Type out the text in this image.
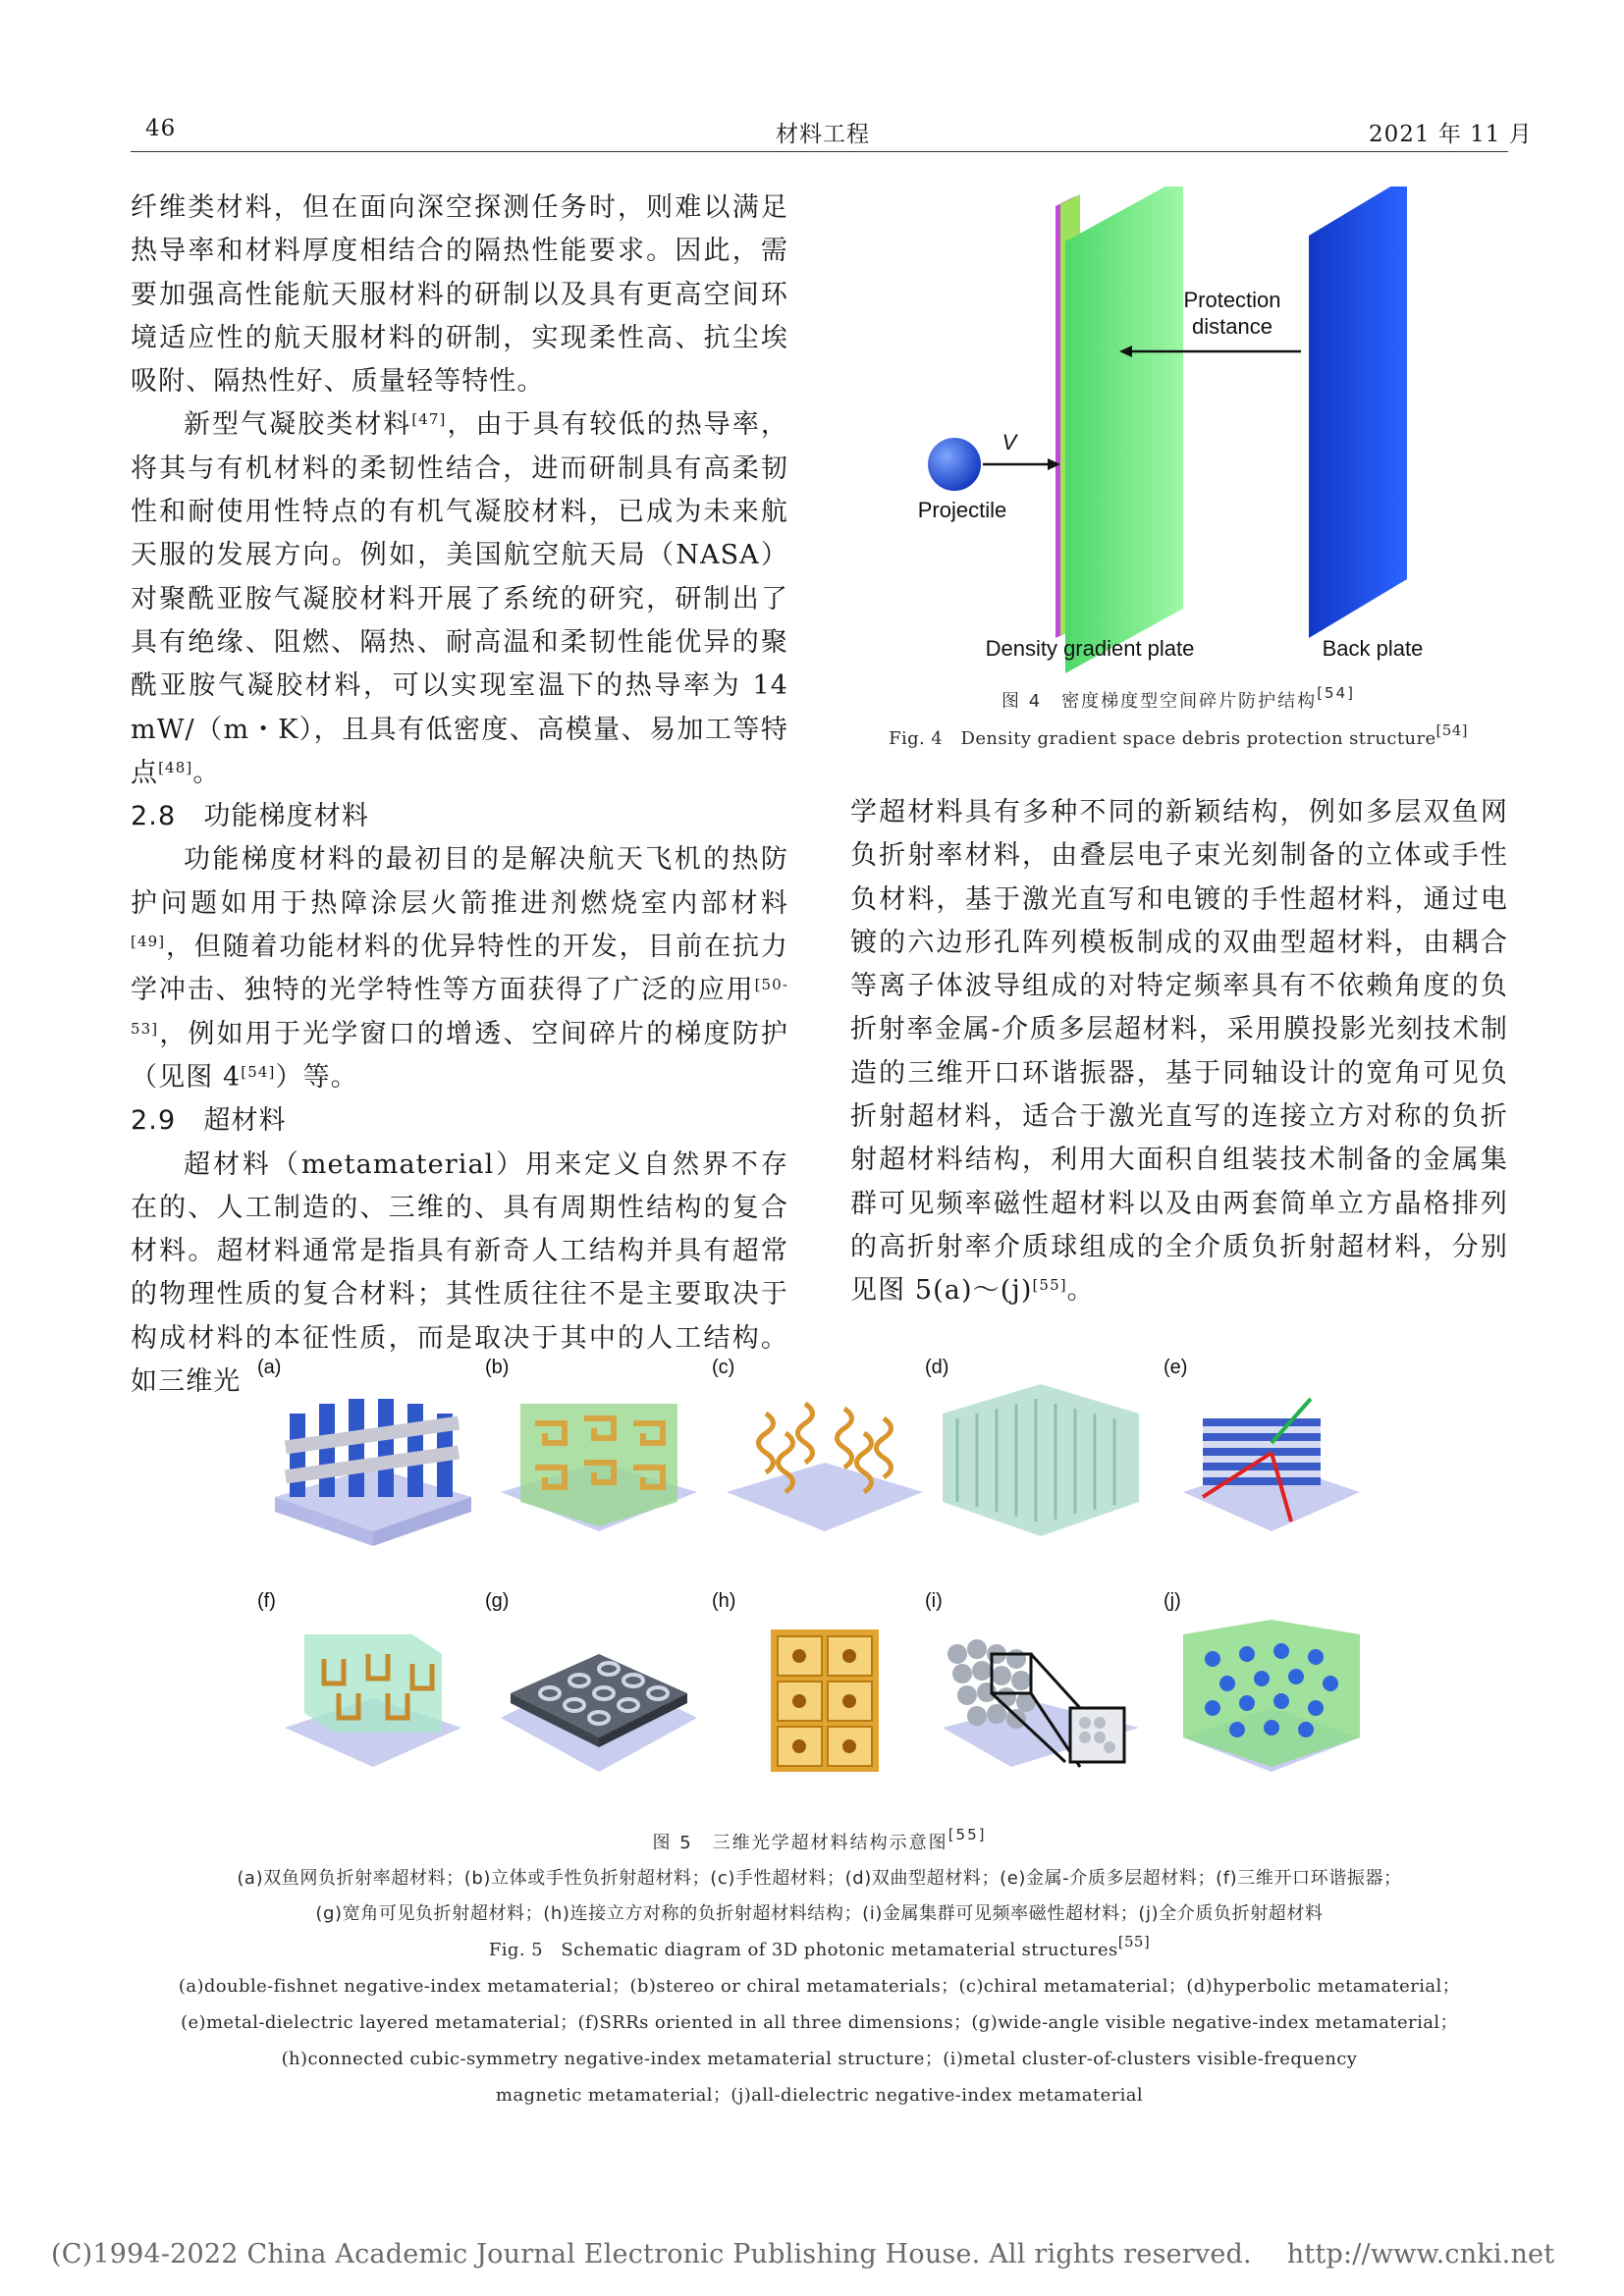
46	材料工程	2021 年 11 月

纤维类材料，但在面向深空探测任务时，则难以满足热导率和材料厚度相结合的隔热性能要求。因此，需要加强高性能航天服材料的研制以及具有更高空间环境适应性的航天服材料的研制，实现柔性高、抗尘埃吸附、隔热性好、质量轻等特性。

新型气凝胶类材料[47]，由于具有较低的热导率，将其与有机材料的柔韧性结合，进而研制具有高柔韧性和耐使用性特点的有机气凝胶材料，已成为未来航天服的发展方向。例如，美国航空航天局（NASA）对聚酰亚胺气凝胶材料开展了系统的研究，研制出了具有绝缘、阻燃、隔热、耐高温和柔韧性能优异的聚酰亚胺气凝胶材料，可以实现室温下的热导率为 14 mW/（m・K），且具有低密度、高模量、易加工等特点[48]。

2.8　 功能梯度材料

功能梯度材料的最初目的是解决航天飞机的热防护问题如用于热障涂层火箭推进剂燃烧室内部材料[49]，但随着功能材料的优异特性的开发，目前在抗力学冲击、独特的光学特性等方面获得了广泛的应用[50-53]，例如用于光学窗口的增透、空间碎片的梯度防护（见图 4[54]）等。

2.9　 超材料

超材料（metamaterial）用来定义自然界不存在的、人工制造的、三维的、具有周期性结构的复合材料。超材料通常是指具有新奇人工结构并具有超常的物理性质的复合材料；其性质往往不是主要取决于构成材料的本征性质，而是取决于其中的人工结构。如三维光

Protection
distance
V
Projectile
Density gradient plate	Back plate
图 4　密度梯度型空间碎片防护结构[54]
Fig. 4　Density gradient space debris protection structure[54]

学超材料具有多种不同的新颖结构，例如多层双鱼网负折射率材料，由叠层电子束光刻制备的立体或手性负材料，基于激光直写和电镀的手性超材料，通过电镀的六边形孔阵列模板制成的双曲型超材料，由耦合等离子体波导组成的对特定频率具有不依赖角度的负折射率金属-介质多层超材料，采用膜投影光刻技术制造的三维开口环谐振器，基于同轴设计的宽角可见负折射超材料，适合于激光直写的连接立方对称的负折射超材料结构，利用大面积自组装技术制备的金属集群可见频率磁性超材料以及由两套简单立方晶格排列的高折射率介质球组成的全介质负折射超材料，分别见图 5(a)～(j)[55]。

(a)	(b)	(c)	(d)	(e)
(f)	(g)	(h)	(i)	(j)
图 5　三维光学超材料结构示意图[55]
(a)双鱼网负折射率超材料；(b)立体或手性负折射超材料；(c)手性超材料；(d)双曲型超材料；(e)金属-介质多层超材料；(f)三维开口环谐振器；
(g)宽角可见负折射超材料；(h)连接立方对称的负折射超材料结构；(i)金属集群可见频率磁性超材料；(j)全介质负折射超材料
Fig. 5　Schematic diagram of 3D photonic metamaterial structures[55]
(a)double-fishnet negative-index metamaterial；(b)stereo or chiral metamaterials；(c)chiral metamaterial；(d)hyperbolic metamaterial；
(e)metal-dielectric layered metamaterial；(f)SRRs oriented in all three dimensions；(g)wide-angle visible negative-index metamaterial；
(h)connected cubic-symmetry negative-index metamaterial structure；(i)metal cluster-of-clusters visible-frequency
magnetic metamaterial；(j)all-dielectric negative-index metamaterial
(C)1994-2022 China Academic Journal Electronic Publishing House. All rights reserved.　 http://www.cnki.net
